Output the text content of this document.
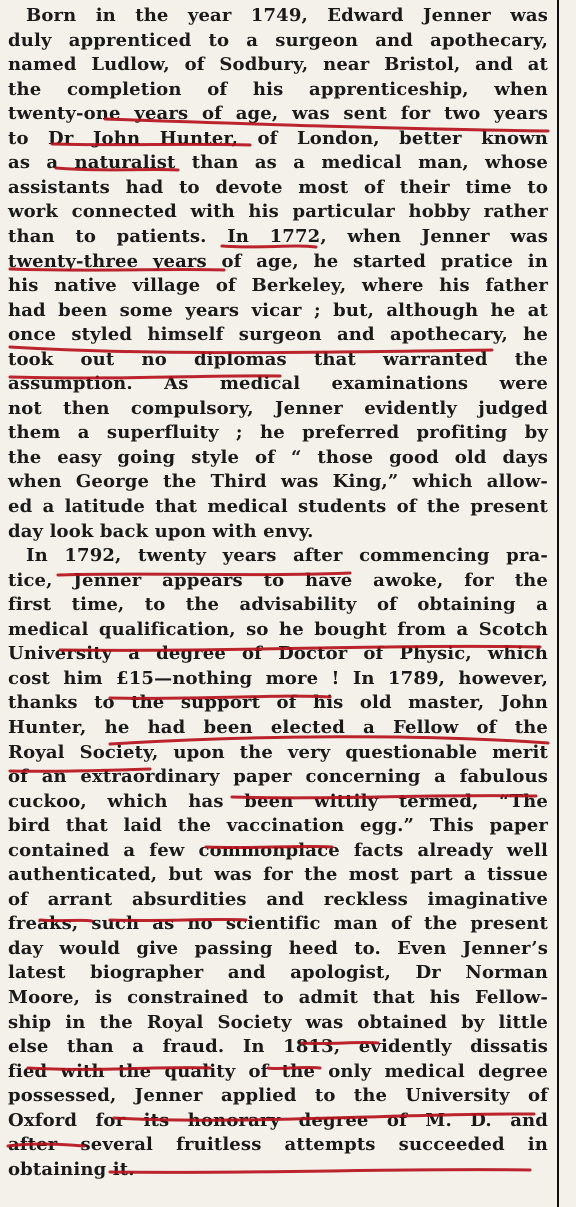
Born in the year 1749, Edward Jenner was
duly apprenticed to a surgeon and apothecary,
named Ludlow, of Sodbury, near Bristol, and at
the completion of his apprenticeship, when
twenty-one years of age, was sent for two years
to Dr John Hunter, of London, better known
as a naturalist than as a medical man, whose
assistants had to devote most of their time to
work connected with his particular hobby rather
than to patients. In 1772, when Jenner was
twenty-three years of age, he started pratice in
his native village of Berkeley, where his father
had been some years vicar ; but, although he at
once styled himself surgeon and apothecary, he
took out no diplomas that warranted the
assumption. As medical examinations were
not then compulsory, Jenner evidently judged
them a superfluity ; he preferred profiting by
the easy going style of “ those good old days
when George the Third was King,” which allow-
ed a latitude that medical students of the present
day look back upon with envy.
In 1792, twenty years after commencing pra-
tice, Jenner appears to have awoke, for the
first time, to the advisability of obtaining a
medical qualification, so he bought from a Scotch
University a degree of Doctor of Physic, which
cost him £15—nothing more ! In 1789, however,
thanks to the support of his old master, John
Hunter, he had been elected a Fellow of the
Royal Society, upon the very questionable merit
of an extraordinary paper concerning a fabulous
cuckoo, which has been wittily termed, “The
bird that laid the vaccination egg.” This paper
contained a few commonplace facts already well
authenticated, but was for the most part a tissue
of arrant absurdities and reckless imaginative
freaks, such as no scientific man of the present
day would give passing heed to. Even Jenner’s
latest biographer and apologist, Dr Norman
Moore, is constrained to admit that his Fellow-
ship in the Royal Society was obtained by little
else than a fraud. In 1813, evidently dissatis
fied with the quality of the only medical degree
possessed, Jenner applied to the University of
Oxford for its honorary degree of M. D. and
after several fruitless attempts succeeded in
obtaining it.
